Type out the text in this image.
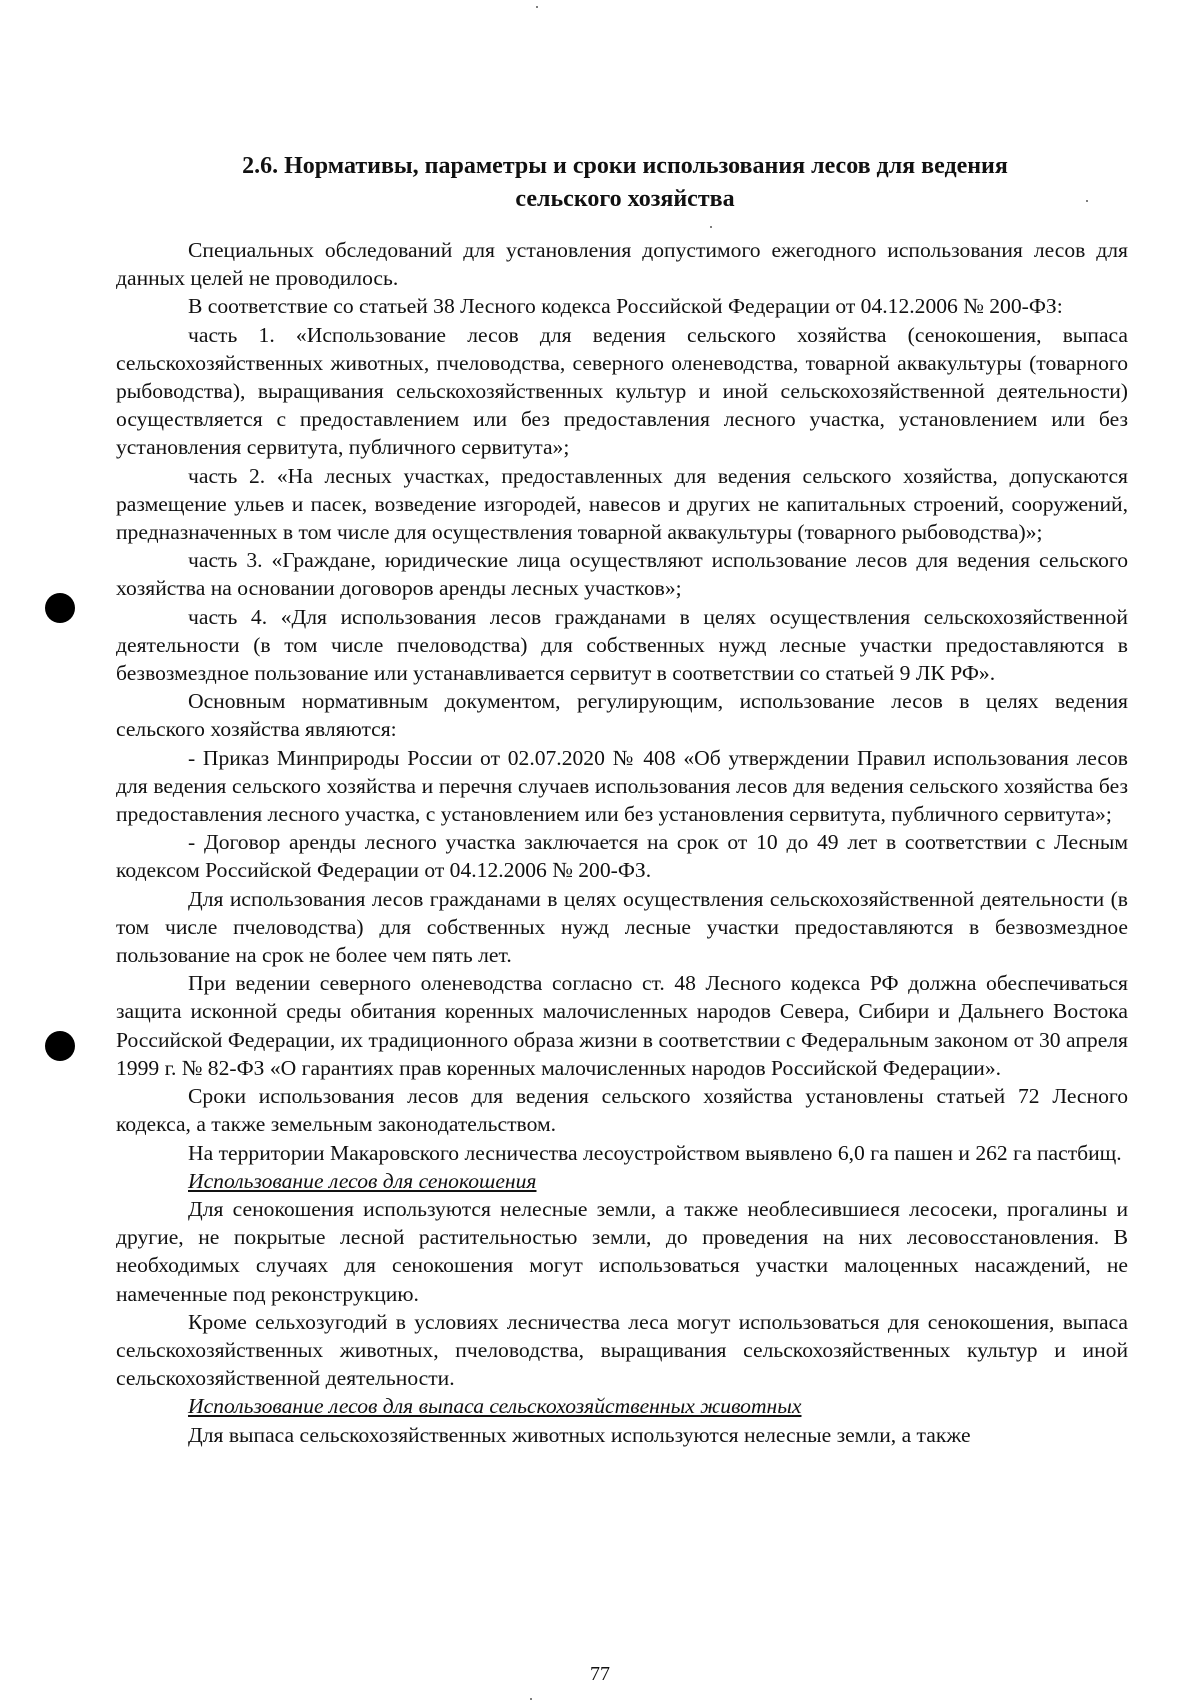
2.6. Нормативы, параметры и сроки использования лесов для ведения
сельского хозяйства

Специальных обследований для установления допустимого ежегодного использования лесов для данных целей не проводилось.

В соответствие со статьей 38 Лесного кодекса Российской Федерации от 04.12.2006 № 200-ФЗ:

часть 1. «Использование лесов для ведения сельского хозяйства (сенокошения, выпаса сельскохозяйственных животных, пчеловодства, северного оленеводства, товарной аквакультуры (товарного рыбоводства), выращивания сельскохозяйственных культур и иной сельскохозяйственной деятельности) осуществляется с предоставлением или без предоставления лесного участка, установлением или без установления сервитута, публичного сервитута»;

часть 2. «На лесных участках, предоставленных для ведения сельского хозяйства, допускаются размещение ульев и пасек, возведение изгородей, навесов и других не капитальных строений, сооружений, предназначенных в том числе для осуществления товарной аквакультуры (товарного рыбоводства)»;

часть 3. «Граждане, юридические лица осуществляют использование лесов для ведения сельского хозяйства на основании договоров аренды лесных участков»;

часть 4. «Для использования лесов гражданами в целях осуществления сельскохозяйственной деятельности (в том числе пчеловодства) для собственных нужд лесные участки предоставляются в безвозмездное пользование или устанавливается сервитут в соответствии со статьей 9 ЛК РФ».

Основным нормативным документом, регулирующим, использование лесов в целях ведения сельского хозяйства являются:

- Приказ Минприроды России от 02.07.2020 № 408 «Об утверждении Правил использования лесов для ведения сельского хозяйства и перечня случаев использования лесов для ведения сельского хозяйства без предоставления лесного участка, с установлением или без установления сервитута, публичного сервитута»;

- Договор аренды лесного участка заключается на срок от 10 до 49 лет в соответствии с Лесным кодексом Российской Федерации от 04.12.2006 № 200-ФЗ.

Для использования лесов гражданами в целях осуществления сельскохозяйственной деятельности (в том числе пчеловодства) для собственных нужд лесные участки предоставляются в безвозмездное пользование на срок не более чем пять лет.

При ведении северного оленеводства согласно ст. 48 Лесного кодекса РФ должна обеспечиваться защита исконной среды обитания коренных малочисленных народов Севера, Сибири и Дальнего Востока Российской Федерации, их традиционного образа жизни в соответствии с Федеральным законом от 30 апреля 1999 г. № 82-ФЗ «О гарантиях прав коренных малочисленных народов Российской Федерации».

Сроки использования лесов для ведения сельского хозяйства установлены статьей 72 Лесного кодекса, а также земельным законодательством.

На территории Макаровского лесничества лесоустройством выявлено 6,0 га пашен и 262 га пастбищ.

Использование лесов для сенокошения

Для сенокошения используются нелесные земли, а также необлесившиеся лесосеки, прогалины и другие, не покрытые лесной растительностью земли, до проведения на них лесовосстановления. В необходимых случаях для сенокошения могут использоваться участки малоценных насаждений, не намеченные под реконструкцию.

Кроме сельхозугодий в условиях лесничества леса могут использоваться для сенокошения, выпаса сельскохозяйственных животных, пчеловодства, выращивания сельскохозяйственных культур и иной сельскохозяйственной деятельности.

Использование лесов для выпаса сельскохозяйственных животных

Для выпаса сельскохозяйственных животных используются нелесные земли, а также

77
